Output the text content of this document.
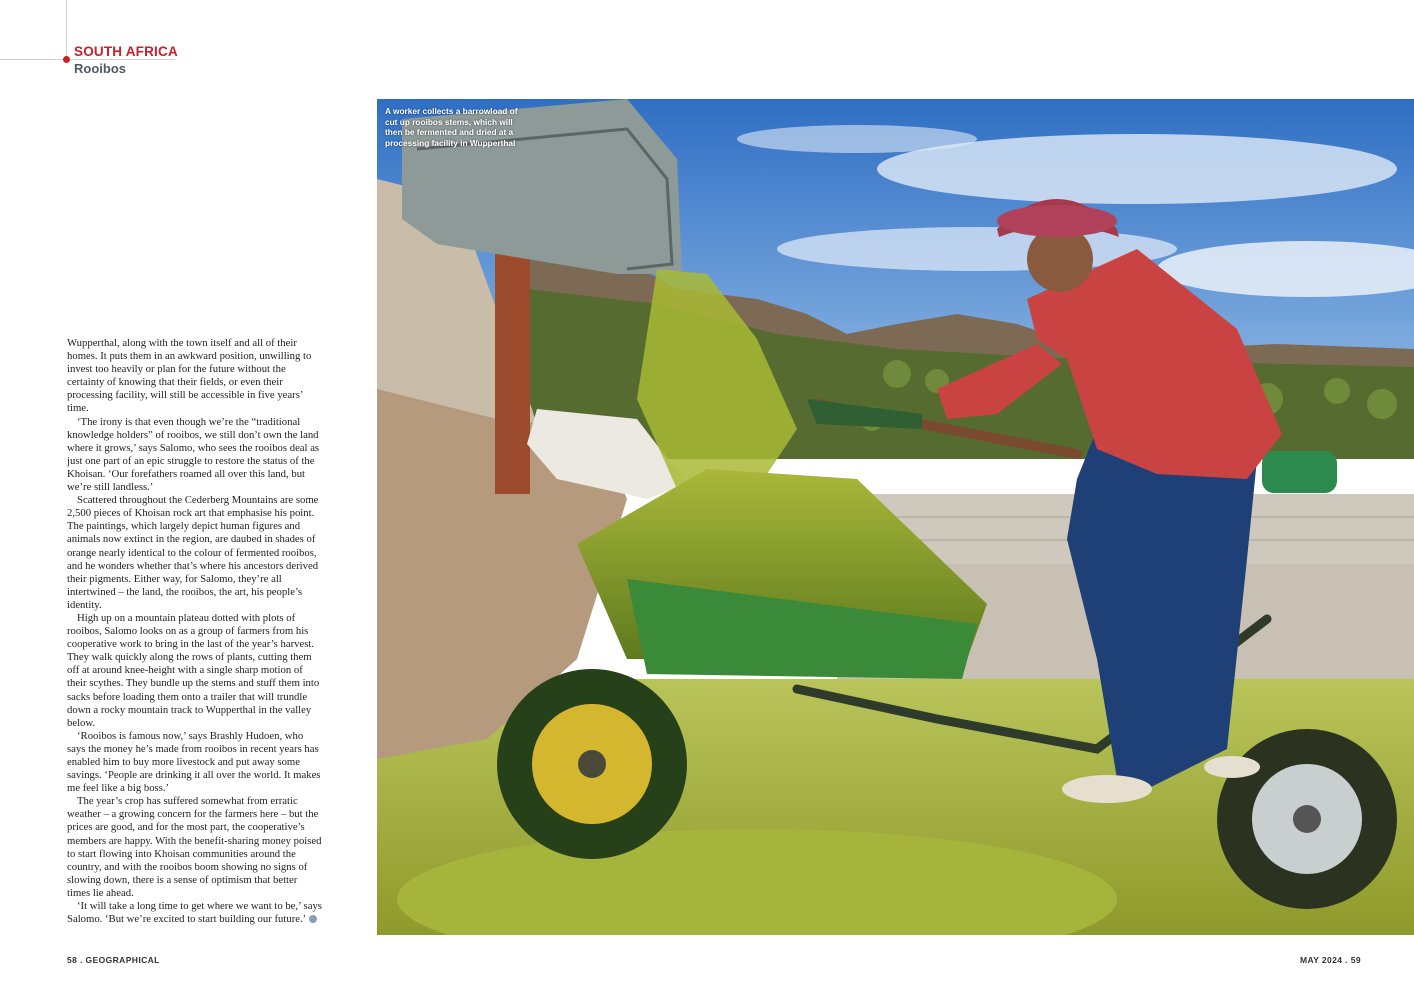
SOUTH AFRICA
Rooibos

Wupperthal, along with the town itself and all of their homes. It puts them in an awkward position, unwilling to invest too heavily or plan for the future without the certainty of knowing that their fields, or even their processing facility, will still be accessible in five years’ time.

‘The irony is that even though we’re the “traditional knowledge holders” of rooibos, we still don’t own the land where it grows,’ says Salomo, who sees the rooibos deal as just one part of an epic struggle to restore the status of the Khoisan. ‘Our forefathers roamed all over this land, but we’re still landless.’

Scattered throughout the Cederberg Mountains are some 2,500 pieces of Khoisan rock art that emphasise his point. The paintings, which largely depict human figures and animals now extinct in the region, are daubed in shades of orange nearly identical to the colour of fermented rooibos, and he wonders whether that’s where his ancestors derived their pigments. Either way, for Salomo, they’re all intertwined – the land, the rooibos, the art, his people’s identity.

High up on a mountain plateau dotted with plots of rooibos, Salomo looks on as a group of farmers from his cooperative work to bring in the last of the year’s harvest. They walk quickly along the rows of plants, cutting them off at around knee-height with a single sharp motion of their scythes. They bundle up the stems and stuff them into sacks before loading them onto a trailer that will trundle down a rocky mountain track to Wupperthal in the valley below.

‘Rooibos is famous now,’ says Brashly Hudoen, who says the money he’s made from rooibos in recent years has enabled him to buy more livestock and put away some savings. ‘People are drinking it all over the world. It makes me feel like a big boss.’

The year’s crop has suffered somewhat from erratic weather – a growing concern for the farmers here – but the prices are good, and for the most part, the cooperative’s members are happy. With the benefit-sharing money poised to start flowing into Khoisan communities around the country, and with the rooibos boom showing no signs of slowing down, there is a sense of optimism that better times lie ahead.

‘It will take a long time to get where we want to be,’ says Salomo. ‘But we’re excited to start building our future.’

A worker collects a barrowload of cut up rooibos stems, which will then be fermented and dried at a processing facility in Wupperthal
58 . GEOGRAPHICAL	MAY 2024 . 59
